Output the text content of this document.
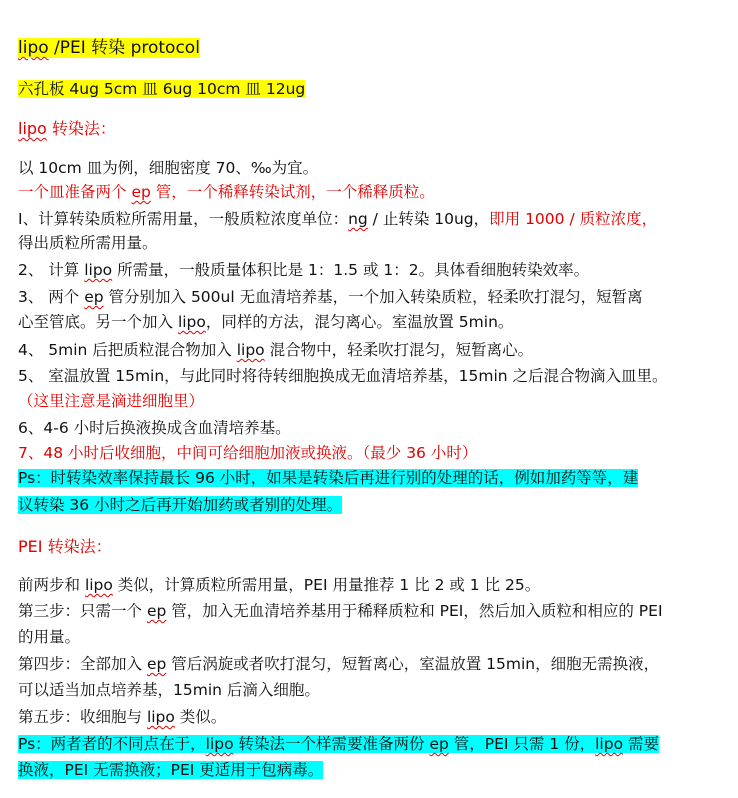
lipo /PEI 转染 protocol
六孔板 4ug 5cm 皿 6ug 10cm 皿 12ug
lipo 转染法：
以 10cm 皿为例，细胞密度 70、‰为宜。
一个皿准备两个 ep 管，一个稀释转染试剂，一个稀释质粒。
I、计算转染质粒所需用量，一般质粒浓度单位：ng / 止转染 10ug，即用 1000 / 质粒浓度，
得出质粒所需用量。
2、 计算 lipo 所需量，一般质量体积比是 1：1.5 或 1：2。具体看细胞转染效率。
3、 两个 ep 管分别加入 500ul 无血清培养基，一个加入转染质粒，轻柔吹打混匀，短暂离
心至管底。另一个加入 lipo，同样的方法，混匀离心。室温放置 5min。
4、 5min 后把质粒混合物加入 lipo 混合物中，轻柔吹打混匀，短暂离心。
5、 室温放置 15min，与此同时将待转细胞换成无血清培养基，15min 之后混合物滴入皿里。
（这里注意是滴进细胞里）
6、4-6 小时后换液换成含血清培养基。
7、48 小时后收细胞，中间可给细胞加液或换液。（最少 36 小时）
Ps：时转染效率保持最长 96 小时，如果是转染后再进行别的处理的话，例如加药等等，建
议转染 36 小时之后再开始加药或者别的处理。
PEI 转染法：
前两步和 lipo 类似，计算质粒所需用量，PEI 用量推荐 1 比 2 或 1 比 25。
第三步：只需一个 ep 管，加入无血清培养基用于稀释质粒和 PEI，然后加入质粒和相应的 PEI
的用量。
第四步：全部加入 ep 管后涡旋或者吹打混匀，短暂离心，室温放置 15min，细胞无需换液，
可以适当加点培养基，15min 后滴入细胞。
第五步：收细胞与 lipo 类似。
Ps：两者者的不同点在于，lipo 转染法一个样需要准备两份 ep 管，PEI 只需 1 份，lipo 需要
换液，PEI 无需换液；PEI 更适用于包病毒。
